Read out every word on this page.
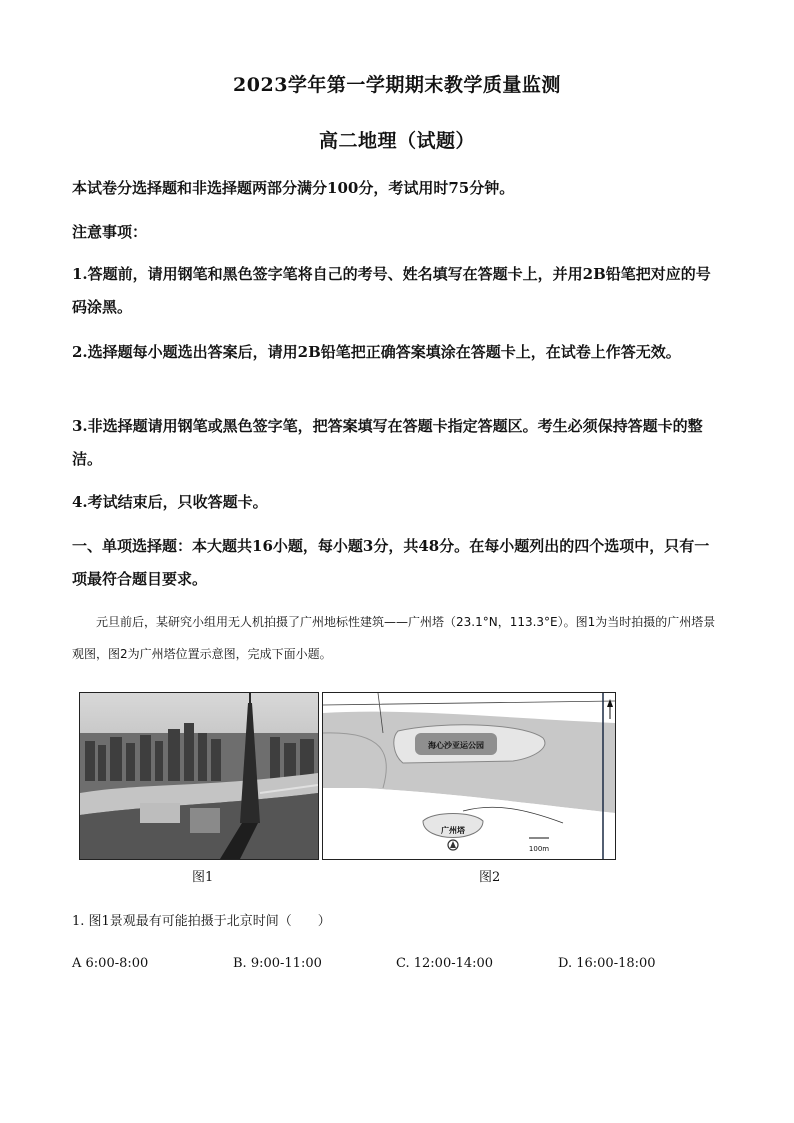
2023学年第一学期期末教学质量监测
高二地理（试题）
本试卷分选择题和非选择题两部分满分100分，考试用时75分钟。
注意事项：
1.答题前，请用钢笔和黑色签字笔将自己的考号、姓名填写在答题卡上，并用2B铅笔把对应的号码涂黑。
2.选择题每小题选出答案后，请用2B铅笔把正确答案填涂在答题卡上，在试卷上作答无效。
3.非选择题请用钢笔或黑色签字笔，把答案填写在答题卡指定答题区。考生必须保持答题卡的整洁。
4.考试结束后，只收答题卡。
一、单项选择题：本大题共16小题，每小题3分，共48分。在每小题列出的四个选项中，只有一项最符合题目要求。
元旦前后，某研究小组用无人机拍摄了广州地标性建筑——广州塔（23.1°N，113.3°E）。图1为当时拍摄的广州塔景观图，图2为广州塔位置示意图，完成下面小题。
海心沙亚运公园
广州塔
100m
图1	图2
1. 图1景观最有可能拍摄于北京时间（　　）
A 6:00-8:00	B. 9:00-11:00	C. 12:00-14:00	D. 16:00-18:00
